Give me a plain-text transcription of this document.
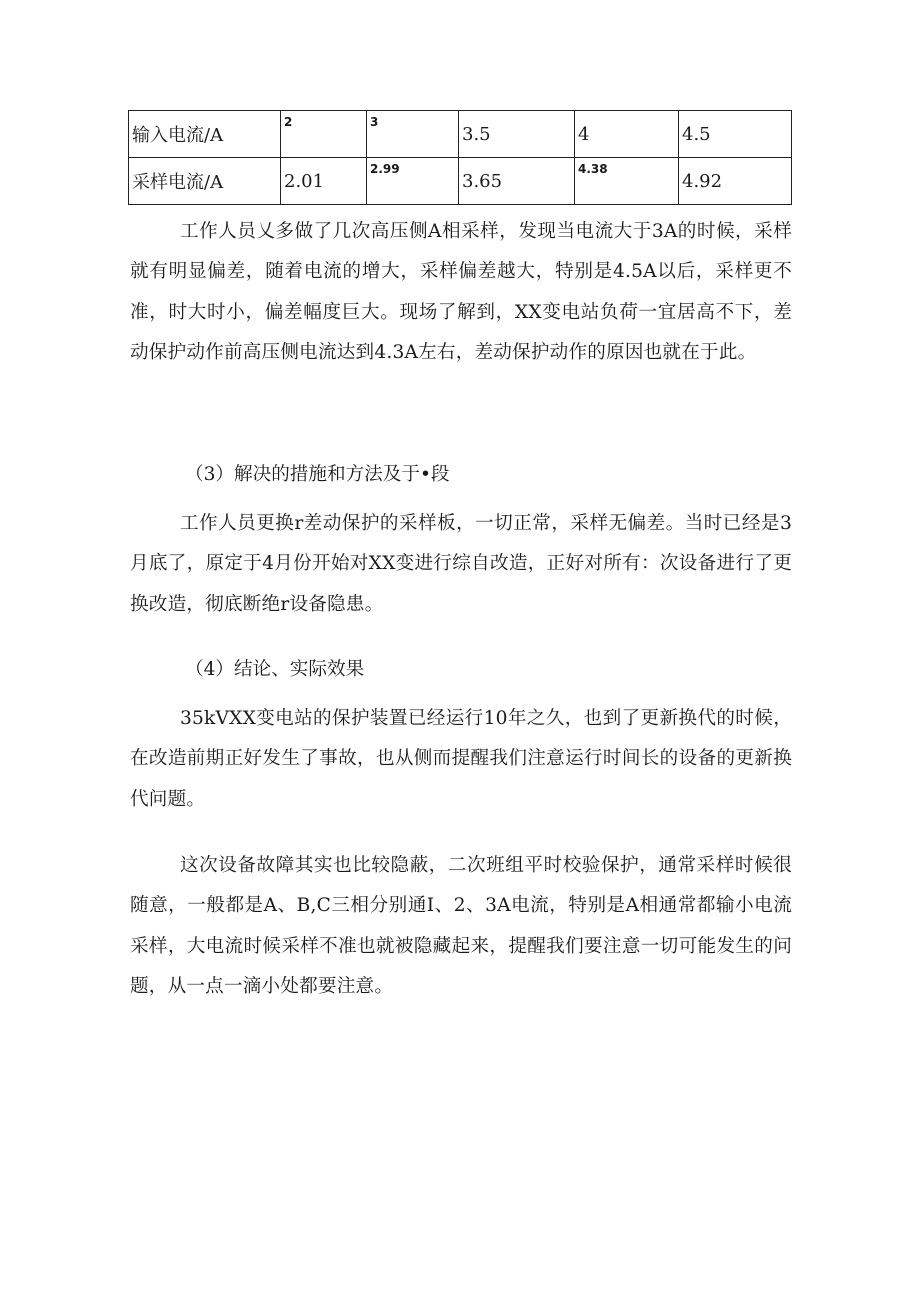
输入电流/A	2	3	3.5	4	4.5
采样电流/A	2.01	2.99	3.65	4.38	4.92

工作人员乂多做了几次高压侧A相采样，发现当电流大于3A的时候，采样就有明显偏差，随着电流的增大，采样偏差越大，特别是4.5A以后，采样更不准，时大时小，偏差幅度巨大。现场了解到，XX变电站负荷一宜居高不下，差动保护动作前高压侧电流达到4.3A左右，差动保护动作的原因也就在于此。

（3）解决的措施和方法及于•段

工作人员更换r差动保护的采样板，一切正常，采样无偏差。当时已经是3月底了，原定于4月份开始对XX变进行综自改造，正好对所有：次设备进行了更换改造，彻底断绝r设备隐患。

（4）结论、实际效果

35kVXX变电站的保护装置已经运行10年之久，也到了更新换代的时候，在改造前期正好发生了事故，也从侧而提醒我们注意运行时间长的设备的更新换代问题。

这次设备故障其实也比较隐蔽，二次班组平时校验保护，通常采样时候很随意，一般都是A、B,C三相分别通I、2、3A电流，特别是A相通常都输小电流采样，大电流时候采样不准也就被隐藏起来，提醒我们要注意一切可能发生的问题，从一点一滴小处都要注意。
